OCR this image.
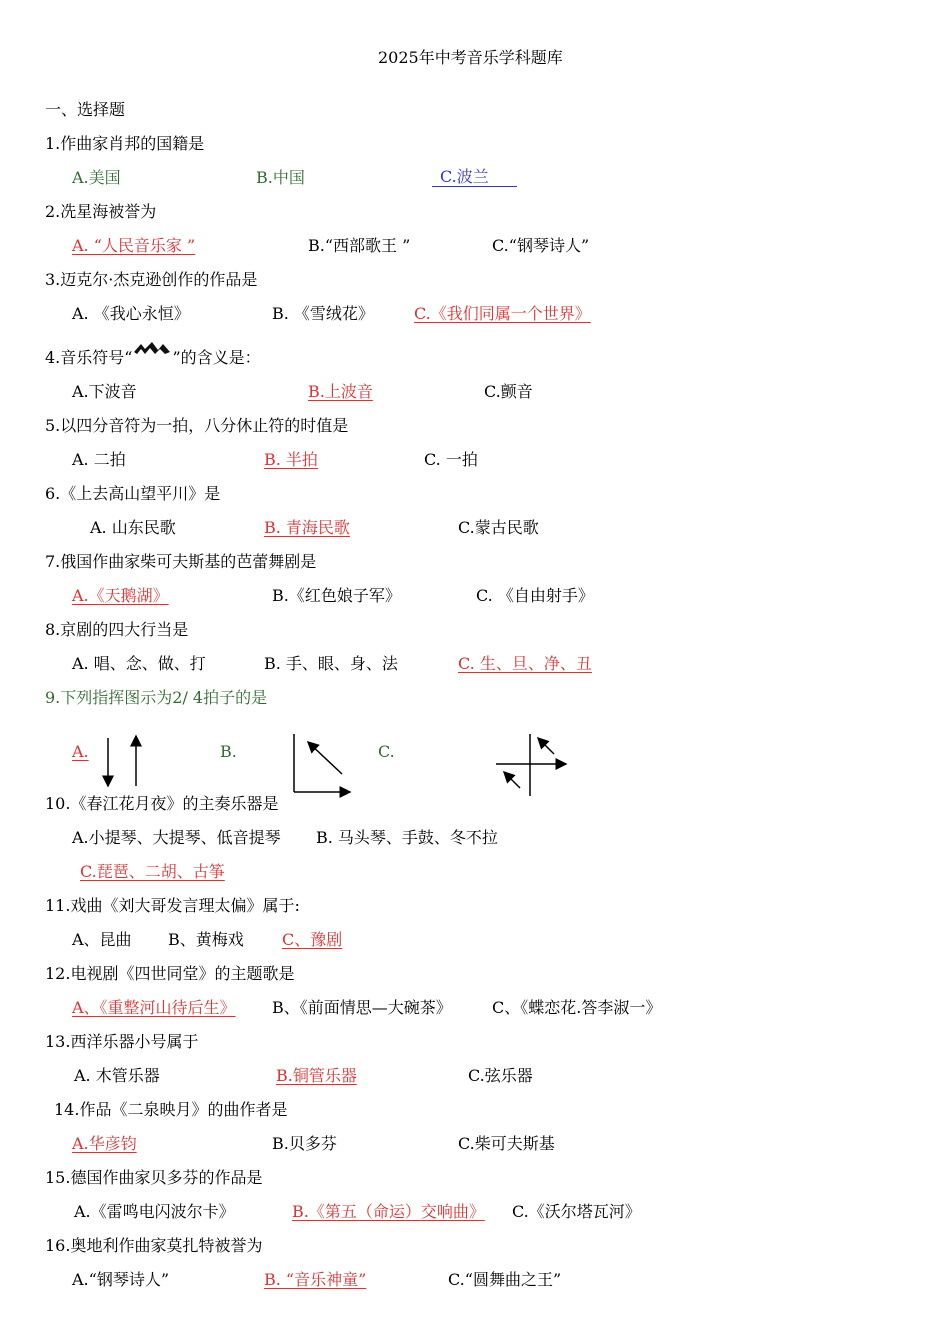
2025年中考音乐学科题库
一、选择题
1.作曲家肖邦的国籍是
A.美国	B.中国	C.波兰
2.冼星海被誉为
A. “人民音乐家 ”	B.“西部歌王 ”	C.“钢琴诗人”
3.迈克尔·杰克逊创作的作品是
A. 《我心永恒》	B. 《雪绒花》	C.《我们同属一个世界》
4.音乐符号“	”的含义是：
A.下波音	B.上波音	C.颤音
5.以四分音符为一拍，八分休止符的时值是
A. 二拍	B. 半拍	C. 一拍
6.《上去高山望平川》是
A. 山东民歌	B. 青海民歌	C.蒙古民歌
7.俄国作曲家柴可夫斯基的芭蕾舞剧是
A.《天鹅湖》	B.《红色娘子军》	C. 《自由射手》
8.京剧的四大行当是
A. 唱、念、做、打	B. 手、眼、身、法	C. 生、旦、净、丑
9.下列指挥图示为2/ 4拍子的是
A.	B.	C.
10.《春江花月夜》的主奏乐器是
A.小提琴、大提琴、低音提琴 B. 马头琴、手鼓、冬不拉
C.琵琶、二胡、古筝
11.戏曲《刘大哥发言理太偏》属于:
A、昆曲 B、黄梅戏 C、豫剧
12.电视剧《四世同堂》的主题歌是
A、《重整河山待后生》 B、《前面情思—大碗茶》	C、《蝶恋花.答李淑一》
13.西洋乐器小号属于
A. 木管乐器	B.铜管乐器	C.弦乐器
14.作品《二泉映月》的曲作者是
A.华彦钧	B.贝多芬	C.柴可夫斯基
15.德国作曲家贝多芬的作品是
A.《雷鸣电闪波尔卡》	B.《第五（命运）交响曲》 C.《沃尔塔瓦河》
16.奥地利作曲家莫扎特被誉为
A.“钢琴诗人”	B. “音乐神童”	C.“圆舞曲之王”
